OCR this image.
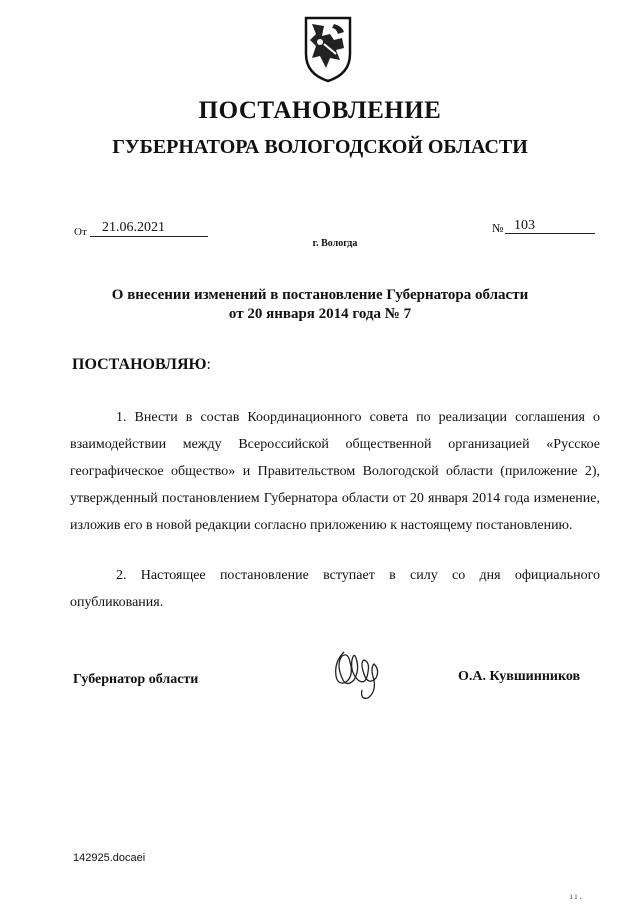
ПОСТАНОВЛЕНИЕ
ГУБЕРНАТОРА ВОЛОГОДСКОЙ ОБЛАСТИ
От 21.06.2021	№ 103
г. Вологда
О внесении изменений в постановление Губернатора области
от 20 января 2014 года № 7
ПОСТАНОВЛЯЮ:
1. Внести в состав Координационного совета по реализации соглашения о взаимодействии между Всероссийской общественной организацией «Русское географическое общество» и Правительством Вологодской области (приложение 2), утвержденный постановлением Губернатора области от 20 января 2014 года изменение, изложив его в новой редакции согласно приложению к настоящему постановлению.
2. Настоящее постановление вступает в силу со дня официального опубликования.
Губернатор области	О.А. Кувшинников
142925.docaei
ı ı .
